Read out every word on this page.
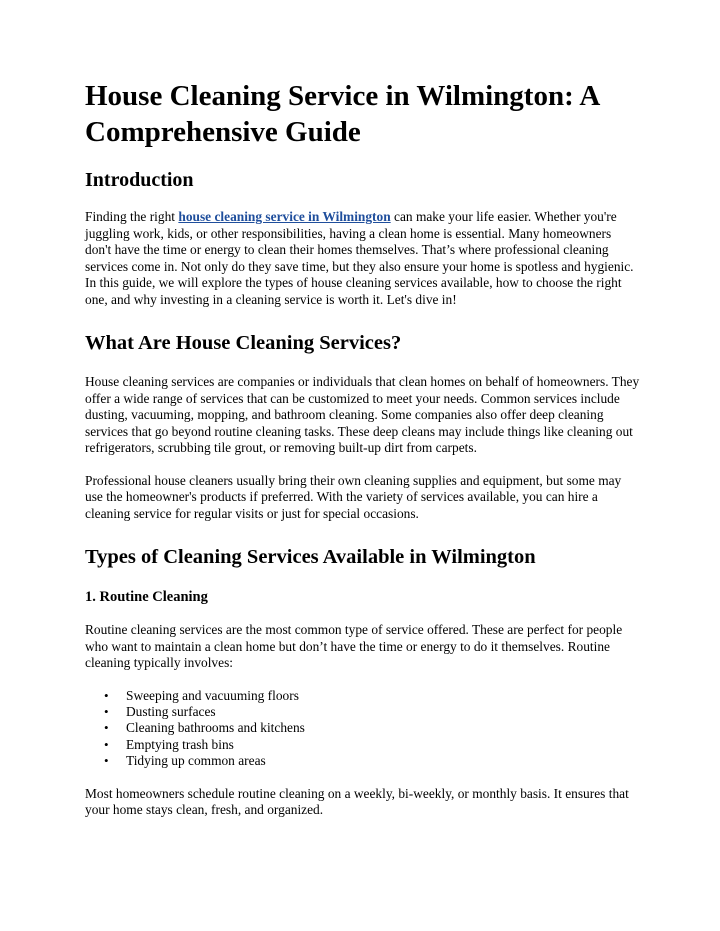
House Cleaning Service in Wilmington: A Comprehensive Guide
Introduction

Finding the right house cleaning service in Wilmington can make your life easier. Whether you're juggling work, kids, or other responsibilities, having a clean home is essential. Many homeowners don't have the time or energy to clean their homes themselves. That’s where professional cleaning services come in. Not only do they save time, but they also ensure your home is spotless and hygienic. In this guide, we will explore the types of house cleaning services available, how to choose the right one, and why investing in a cleaning service is worth it. Let's dive in!

What Are House Cleaning Services?

House cleaning services are companies or individuals that clean homes on behalf of homeowners. They offer a wide range of services that can be customized to meet your needs. Common services include dusting, vacuuming, mopping, and bathroom cleaning. Some companies also offer deep cleaning services that go beyond routine cleaning tasks. These deep cleans may include things like cleaning out refrigerators, scrubbing tile grout, or removing built-up dirt from carpets.

Professional house cleaners usually bring their own cleaning supplies and equipment, but some may use the homeowner's products if preferred. With the variety of services available, you can hire a cleaning service for regular visits or just for special occasions.

Types of Cleaning Services Available in Wilmington
1. Routine Cleaning

Routine cleaning services are the most common type of service offered. These are perfect for people who want to maintain a clean home but don’t have the time or energy to do it themselves. Routine cleaning typically involves:

• Sweeping and vacuuming floors
• Dusting surfaces
• Cleaning bathrooms and kitchens
• Emptying trash bins
• Tidying up common areas

Most homeowners schedule routine cleaning on a weekly, bi-weekly, or monthly basis. It ensures that your home stays clean, fresh, and organized.
